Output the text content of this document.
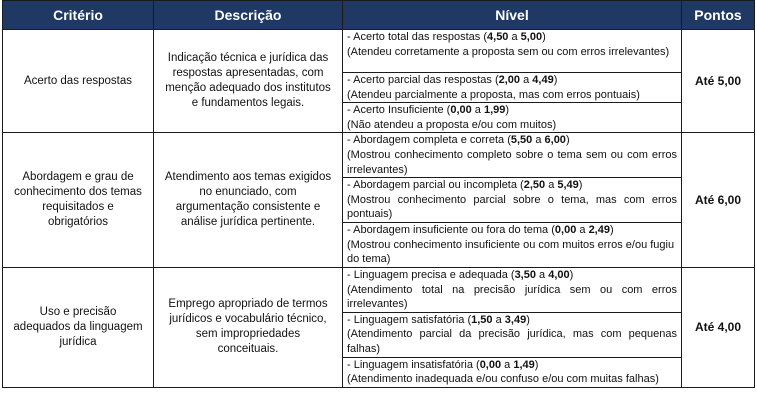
Critério	Descrição	Nível	Pontos
Acerto das respostas	Indicação técnica e jurídica das respostas apresentadas, com menção adequado dos institutos e fundamentos legais.	- Acerto total das respostas (4,50 a 5,00)
(Atendeu corretamente a proposta sem ou com erros irrelevantes)	Até 5,00

		- Acerto parcial das respostas (2,00 a 4,49)
(Atendeu parcialmente a proposta, mas com erros pontuais)	

		- Acerto Insuficiente (0,00 a 1,99)
(Não atendeu a proposta e/ou com muitos)	

Abordagem e grau de conhecimento dos temas requisitados e obrigatórios	Atendimento aos temas exigidos no enunciado, com argumentação consistente e análise jurídica pertinente.	- Abordagem completa e correta (5,50 a 6,00)
(Mostrou conhecimento completo sobre o tema sem ou com erros irrelevantes)	Até 6,00

		- Abordagem parcial ou incompleta (2,50 a 5,49)
(Mostrou conhecimento parcial sobre o tema, mas com erros pontuais)	

		- Abordagem insuficiente ou fora do tema (0,00 a 2,49)
(Mostrou conhecimento insuficiente ou com muitos erros e/ou fugiu do tema)	

Uso e precisão adequados da linguagem jurídica	Emprego apropriado de termos jurídicos e vocabulário técnico, sem impropriedades conceituais.	- Linguagem precisa e adequada (3,50 a 4,00)
(Atendimento total na precisão jurídica sem ou com erros irrelevantes)	Até 4,00

		- Linguagem satisfatória (1,50 a 3,49)
(Atendimento parcial da precisão jurídica, mas com pequenas falhas)	

		- Linguagem insatisfatória (0,00 a 1,49)
(Atendimento inadequada e/ou confuso e/ou com muitas falhas)	
